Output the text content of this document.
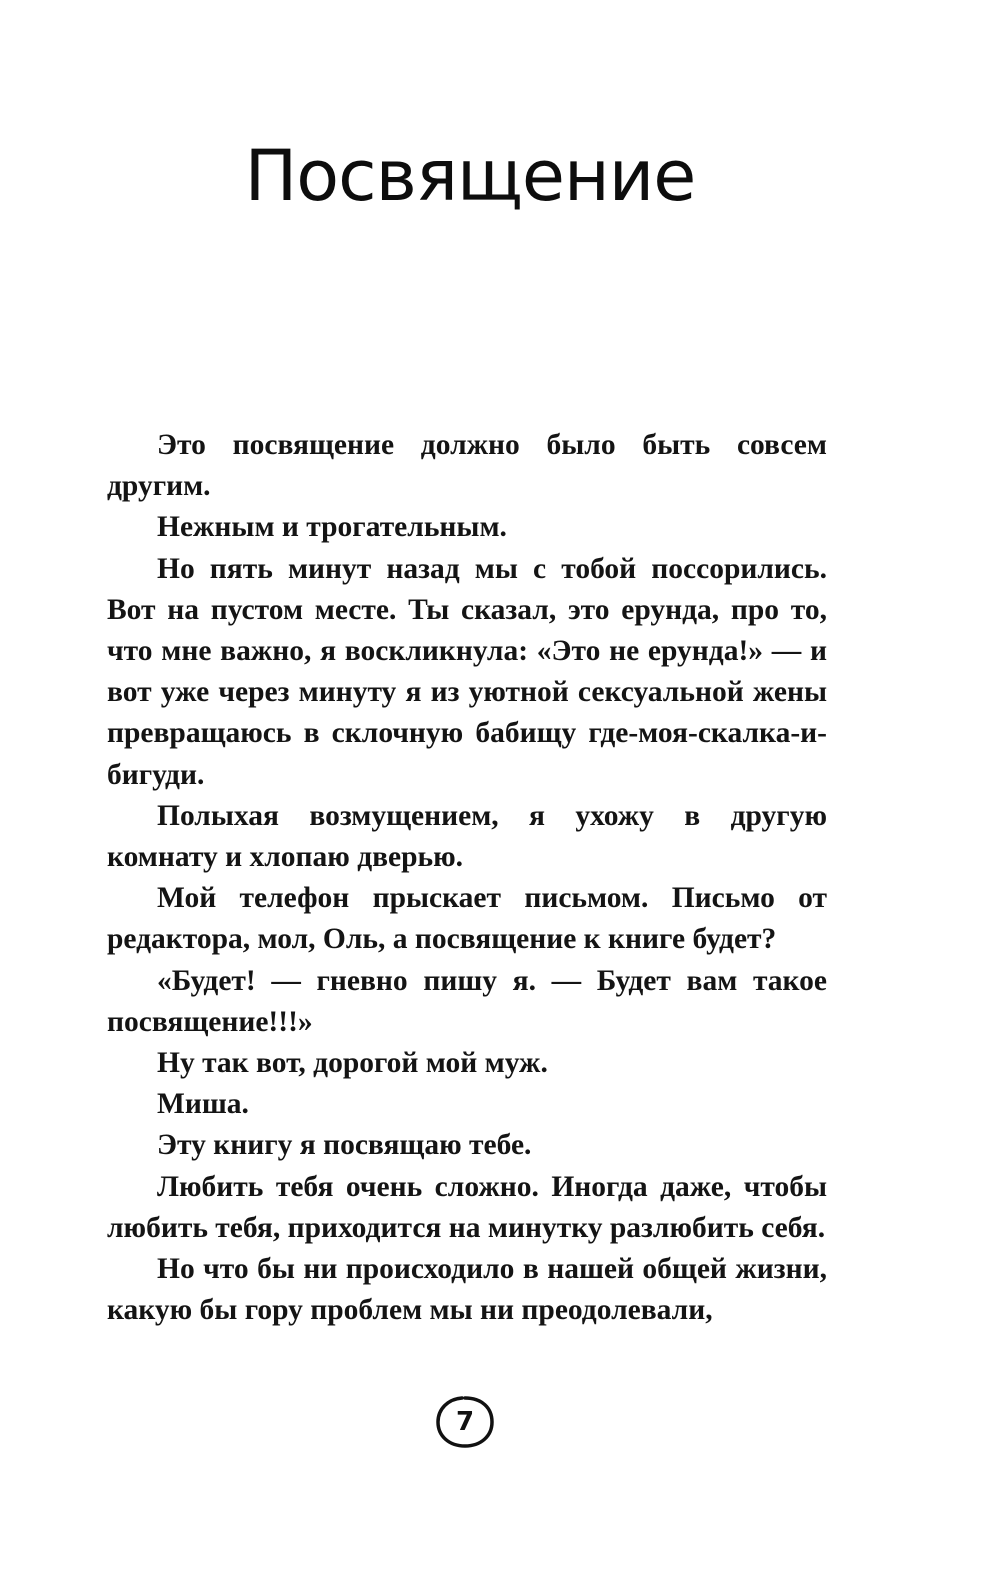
Посвящение

Это посвящение должно было быть совсем другим.

Нежным и трогательным.

Но пять минут назад мы с тобой поссорились. Вот на пустом месте. Ты сказал, это ерунда, про то, что мне важно, я воскликнула: «Это не ерунда!» — и вот уже через минуту я из уютной сексуальной жены превращаюсь в склочную бабищу где-моя-скалка-и-бигуди.

Полыхая возмущением, я ухожу в другую комнату и хлопаю дверью.

Мой телефон прыскает письмом. Письмо от редактора, мол, Оль, а посвящение к книге будет?

«Будет! — гневно пишу я. — Будет вам такое посвящение!!!»

Ну так вот, дорогой мой муж.

Миша.

Эту книгу я посвящаю тебе.

Любить тебя очень сложно. Иногда даже, чтобы любить тебя, приходится на минутку разлюбить себя.

Но что бы ни происходило в нашей общей жизни, какую бы гору проблем мы ни преодолевали,

7
